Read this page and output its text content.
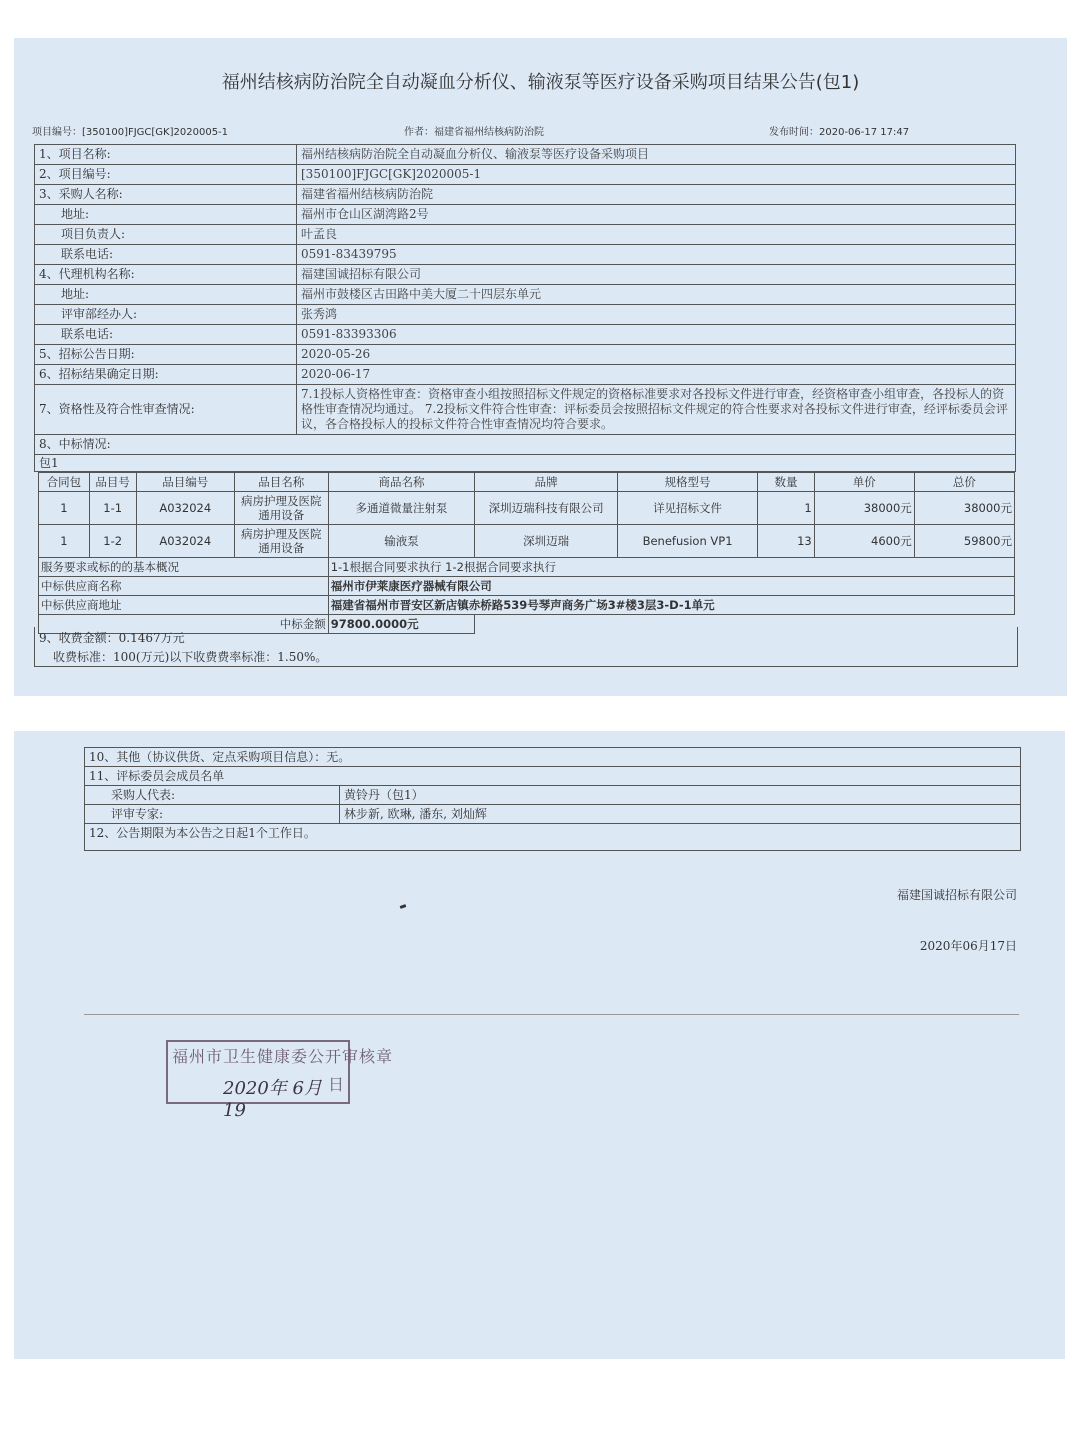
福州结核病防治院全自动凝血分析仪、输液泵等医疗设备采购项目结果公告(包1)
项目编号：[350100]FJGC[GK]2020005-1	作者：福建省福州结核病防治院	发布时间：2020-06-17 17:47
1、项目名称:	福州结核病防治院全自动凝血分析仪、输液泵等医疗设备采购项目
2、项目编号:	[350100]FJGC[GK]2020005-1
3、采购人名称:	福建省福州结核病防治院
地址:	福州市仓山区湖湾路2号
项目负责人:	叶孟良
联系电话:	0591-83439795
4、代理机构名称:	福建国诚招标有限公司
地址:	福州市鼓楼区古田路中美大厦二十四层东单元
评审部经办人:	张秀鸿
联系电话:	0591-83393306
5、招标公告日期:	2020-05-26
6、招标结果确定日期:	2020-06-17
7、资格性及符合性审查情况:	7.1投标人资格性审查：资格审查小组按照招标文件规定的资格标准要求对各投标文件进行审查，经资格审查小组审查，各投标人的资格性审查情况均通过。 7.2投标文件符合性审查：评标委员会按照招标文件规定的符合性要求对各投标文件进行审查，经评标委员会评议，各合格投标人的投标文件符合性审查情况均符合要求。
8、中标情况:	
包1	
合同包	品目号	品目编号	品目名称	商品名称	品牌	规格型号	数量	单价	总价
1	1-1	A032024	病房护理及医院通用设备	多通道微量注射泵	深圳迈瑞科技有限公司	详见招标文件	1	38000元	38000元
1	1-2	A032024	病房护理及医院通用设备	输液泵	深圳迈瑞	Benefusion VP1	13	4600元	59800元
服务要求或标的的基本概况				1-1根据合同要求执行 1-2根据合同要求执行					
中标供应商名称				福州市伊莱康医疗器械有限公司					
中标供应商地址				福建省福州市晋安区新店镇赤桥路539号琴声商务广场3#楼3层3-D-1单元					
中标金额				97800.0000元					
9、收费金额：0.1467万元
收费标准：100(万元)以下收费费率标准：1.50%。
10、其他（协议供货、定点采购项目信息）：无。	
11、评标委员会成员名单	
采购人代表:	黄铃丹（包1）
评审专家:	林步新, 欧琳, 潘东, 刘灿辉
12、公告期限为本公告之日起1个工作日。	
福建国诚招标有限公司
2020年06月17日
福州市卫生健康委公开审核章
2020年 6月 19
日
